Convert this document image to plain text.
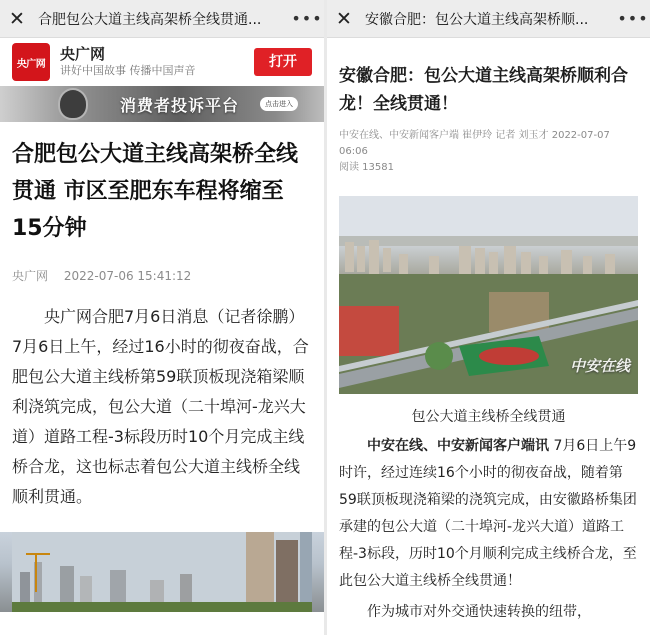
✕ 合肥包公大道主线高架桥全线贯通...	•••
央广网
央广网
讲好中国故事 传播中国声音
打开
消费者投诉平台	点击进入
合肥包公大道主线高架桥全线贯通 市区至肥东车程将缩至15分钟
央广网 2022-07-06 15:41:12
央广网合肥7月6日消息（记者徐鹏）7月6日上午，经过16小时的彻夜奋战，合肥包公大道主线桥第59联顶板现浇箱梁顺利浇筑完成，包公大道（二十埠河-龙兴大道）道路工程-3标段历时10个月完成主线桥合龙，这也标志着包公大道主线桥全线顺利贯通。
✕ 安徽合肥：包公大道主线高架桥顺...	•••
安徽合肥：包公大道主线高架桥顺利合龙！全线贯通！
中安在线、中安新闻客户端 崔伊玲 记者 刘玉才 2022-07-07 06:06
阅读 13581
中安在线
包公大道主线桥全线贯通
中安在线、中安新闻客户端讯 7月6日上午9时许，经过连续16个小时的彻夜奋战，随着第59联顶板现浇箱梁的浇筑完成，由安徽路桥集团承建的包公大道（二十埠河-龙兴大道）道路工程-3标段，历时10个月顺利完成主线桥合龙，至此包公大道主线桥全线贯通！
作为城市对外交通快速转换的纽带，
